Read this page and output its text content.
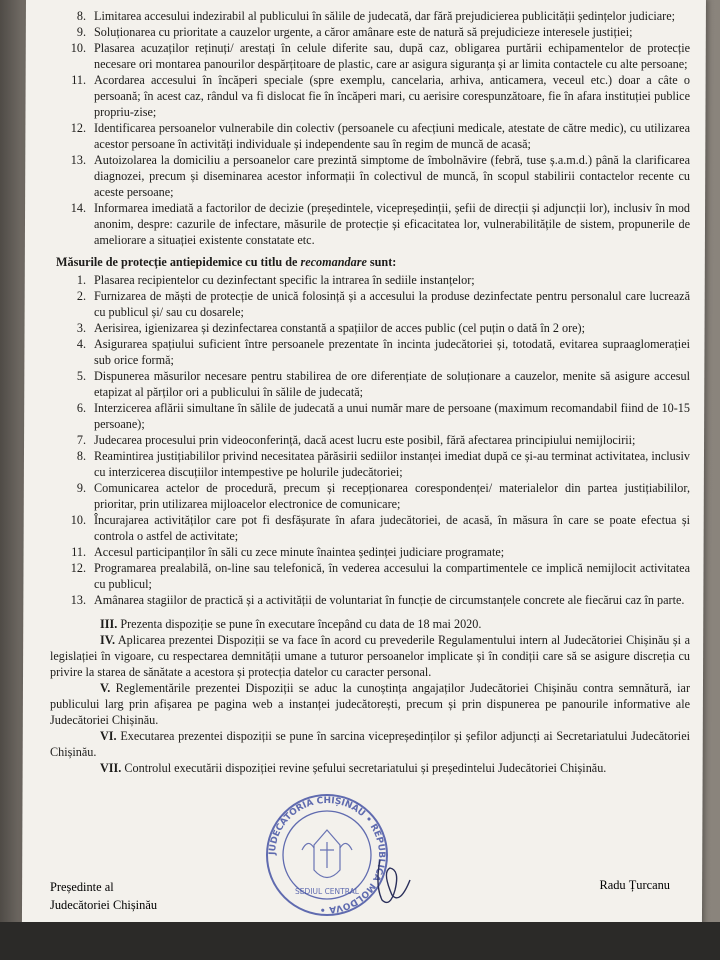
8. Limitarea accesului indezirabil al publicului în sălile de judecată, dar fără prejudicierea publicității ședințelor judiciare;
9. Soluționarea cu prioritate a cauzelor urgente, a căror amânare este de natură să prejudicieze interesele justiției;
10. Plasarea acuzaților reținuți/ arestați în celule diferite sau, după caz, obligarea purtării echipamentelor de protecție necesare ori montarea panourilor despărțitoare de plastic, care ar asigura siguranța și ar limita contactele cu alte persoane;
11. Acordarea accesului în încăperi speciale (spre exemplu, cancelaria, arhiva, anticamera, veceul etc.) doar a câte o persoană; în acest caz, rândul va fi dislocat fie în încăperi mari, cu aerisire corespunzătoare, fie în afara instituției publice propriu-zise;
12. Identificarea persoanelor vulnerabile din colectiv (persoanele cu afecțiuni medicale, atestate de către medic), cu utilizarea acestor persoane în activități individuale și independente sau în regim de muncă de acasă;
13. Autoizolarea la domiciliu a persoanelor care prezintă simptome de îmbolnăvire (febră, tuse ș.a.m.d.) până la clarificarea diagnozei, precum și diseminarea acestor informații în colectivul de muncă, în scopul stabilirii contactelor recente cu aceste persoane;
14. Informarea imediată a factorilor de decizie (președintele, vicepreședinții, șefii de direcții și adjuncții lor), inclusiv în mod anonim, despre: cazurile de infectare, măsurile de protecție și eficacitatea lor, vulnerabilitățile de sistem, propunerile de ameliorare a situației existente constatate etc.
Măsurile de protecție antiepidemice cu titlu de recomandare sunt:
1. Plasarea recipientelor cu dezinfectant specific la intrarea în sediile instanțelor;
2. Furnizarea de măști de protecție de unică folosință și a accesului la produse dezinfectate pentru personalul care lucrează cu publicul și/ sau cu dosarele;
3. Aerisirea, igienizarea și dezinfectarea constantă a spațiilor de acces public (cel puțin o dată în 2 ore);
4. Asigurarea spațiului suficient între persoanele prezentate în incinta judecătoriei și, totodată, evitarea supraaglomerației sub orice formă;
5. Dispunerea măsurilor necesare pentru stabilirea de ore diferențiate de soluționare a cauzelor, menite să asigure accesul etapizat al părților ori a publicului în sălile de judecată;
6. Interzicerea aflării simultane în sălile de judecată a unui număr mare de persoane (maximum recomandabil fiind de 10-15 persoane);
7. Judecarea procesului prin videoconferință, dacă acest lucru este posibil, fără afectarea principiului nemijlocirii;
8. Reamintirea justițiabililor privind necesitatea părăsirii sediilor instanței imediat după ce și-au terminat activitatea, inclusiv cu interzicerea discuțiilor intempestive pe holurile judecătoriei;
9. Comunicarea actelor de procedură, precum și recepționarea corespondenței/ materialelor din partea justițiabililor, prioritar, prin utilizarea mijloacelor electronice de comunicare;
10. Încurajarea activităților care pot fi desfășurate în afara judecătoriei, de acasă, în măsura în care se poate efectua și controla o astfel de activitate;
11. Accesul participanților în săli cu zece minute înaintea ședinței judiciare programate;
12. Programarea prealabilă, on-line sau telefonică, în vederea accesului la compartimentele ce implică nemijlocit activitatea cu publicul;
13. Amânarea stagiilor de practică și a activității de voluntariat în funcție de circumstanțele concrete ale fiecărui caz în parte.

III. Prezenta dispoziție se pune în executare începând cu data de 18 mai 2020.

IV. Aplicarea prezentei Dispoziții se va face în acord cu prevederile Regulamentului intern al Judecătoriei Chișinău și a legislației în vigoare, cu respectarea demnității umane a tuturor persoanelor implicate și în condiții care să se asigure discreția cu privire la starea de sănătate a acestora și protecția datelor cu caracter personal.

V. Reglementările prezentei Dispoziții se aduc la cunoștința angajaților Judecătoriei Chișinău contra semnătură, iar publicului larg prin afișarea pe pagina web a instanței judecătorești, precum și prin dispunerea pe panourile informative ale Judecătoriei Chișinău.

VI. Executarea prezentei dispoziții se pune în sarcina vicepreședinților și șefilor adjuncți ai Secretariatului Judecătoriei Chișinău.

VII. Controlul executării dispoziției revine șefului secretariatului și președintelui Judecătoriei Chișinău.

JUDECĂTORIA CHIȘINĂU • REPUBLICA MOLDOVA •
SEDIUL CENTRAL
Președinte al
Judecătoriei Chișinău
Radu Țurcanu
